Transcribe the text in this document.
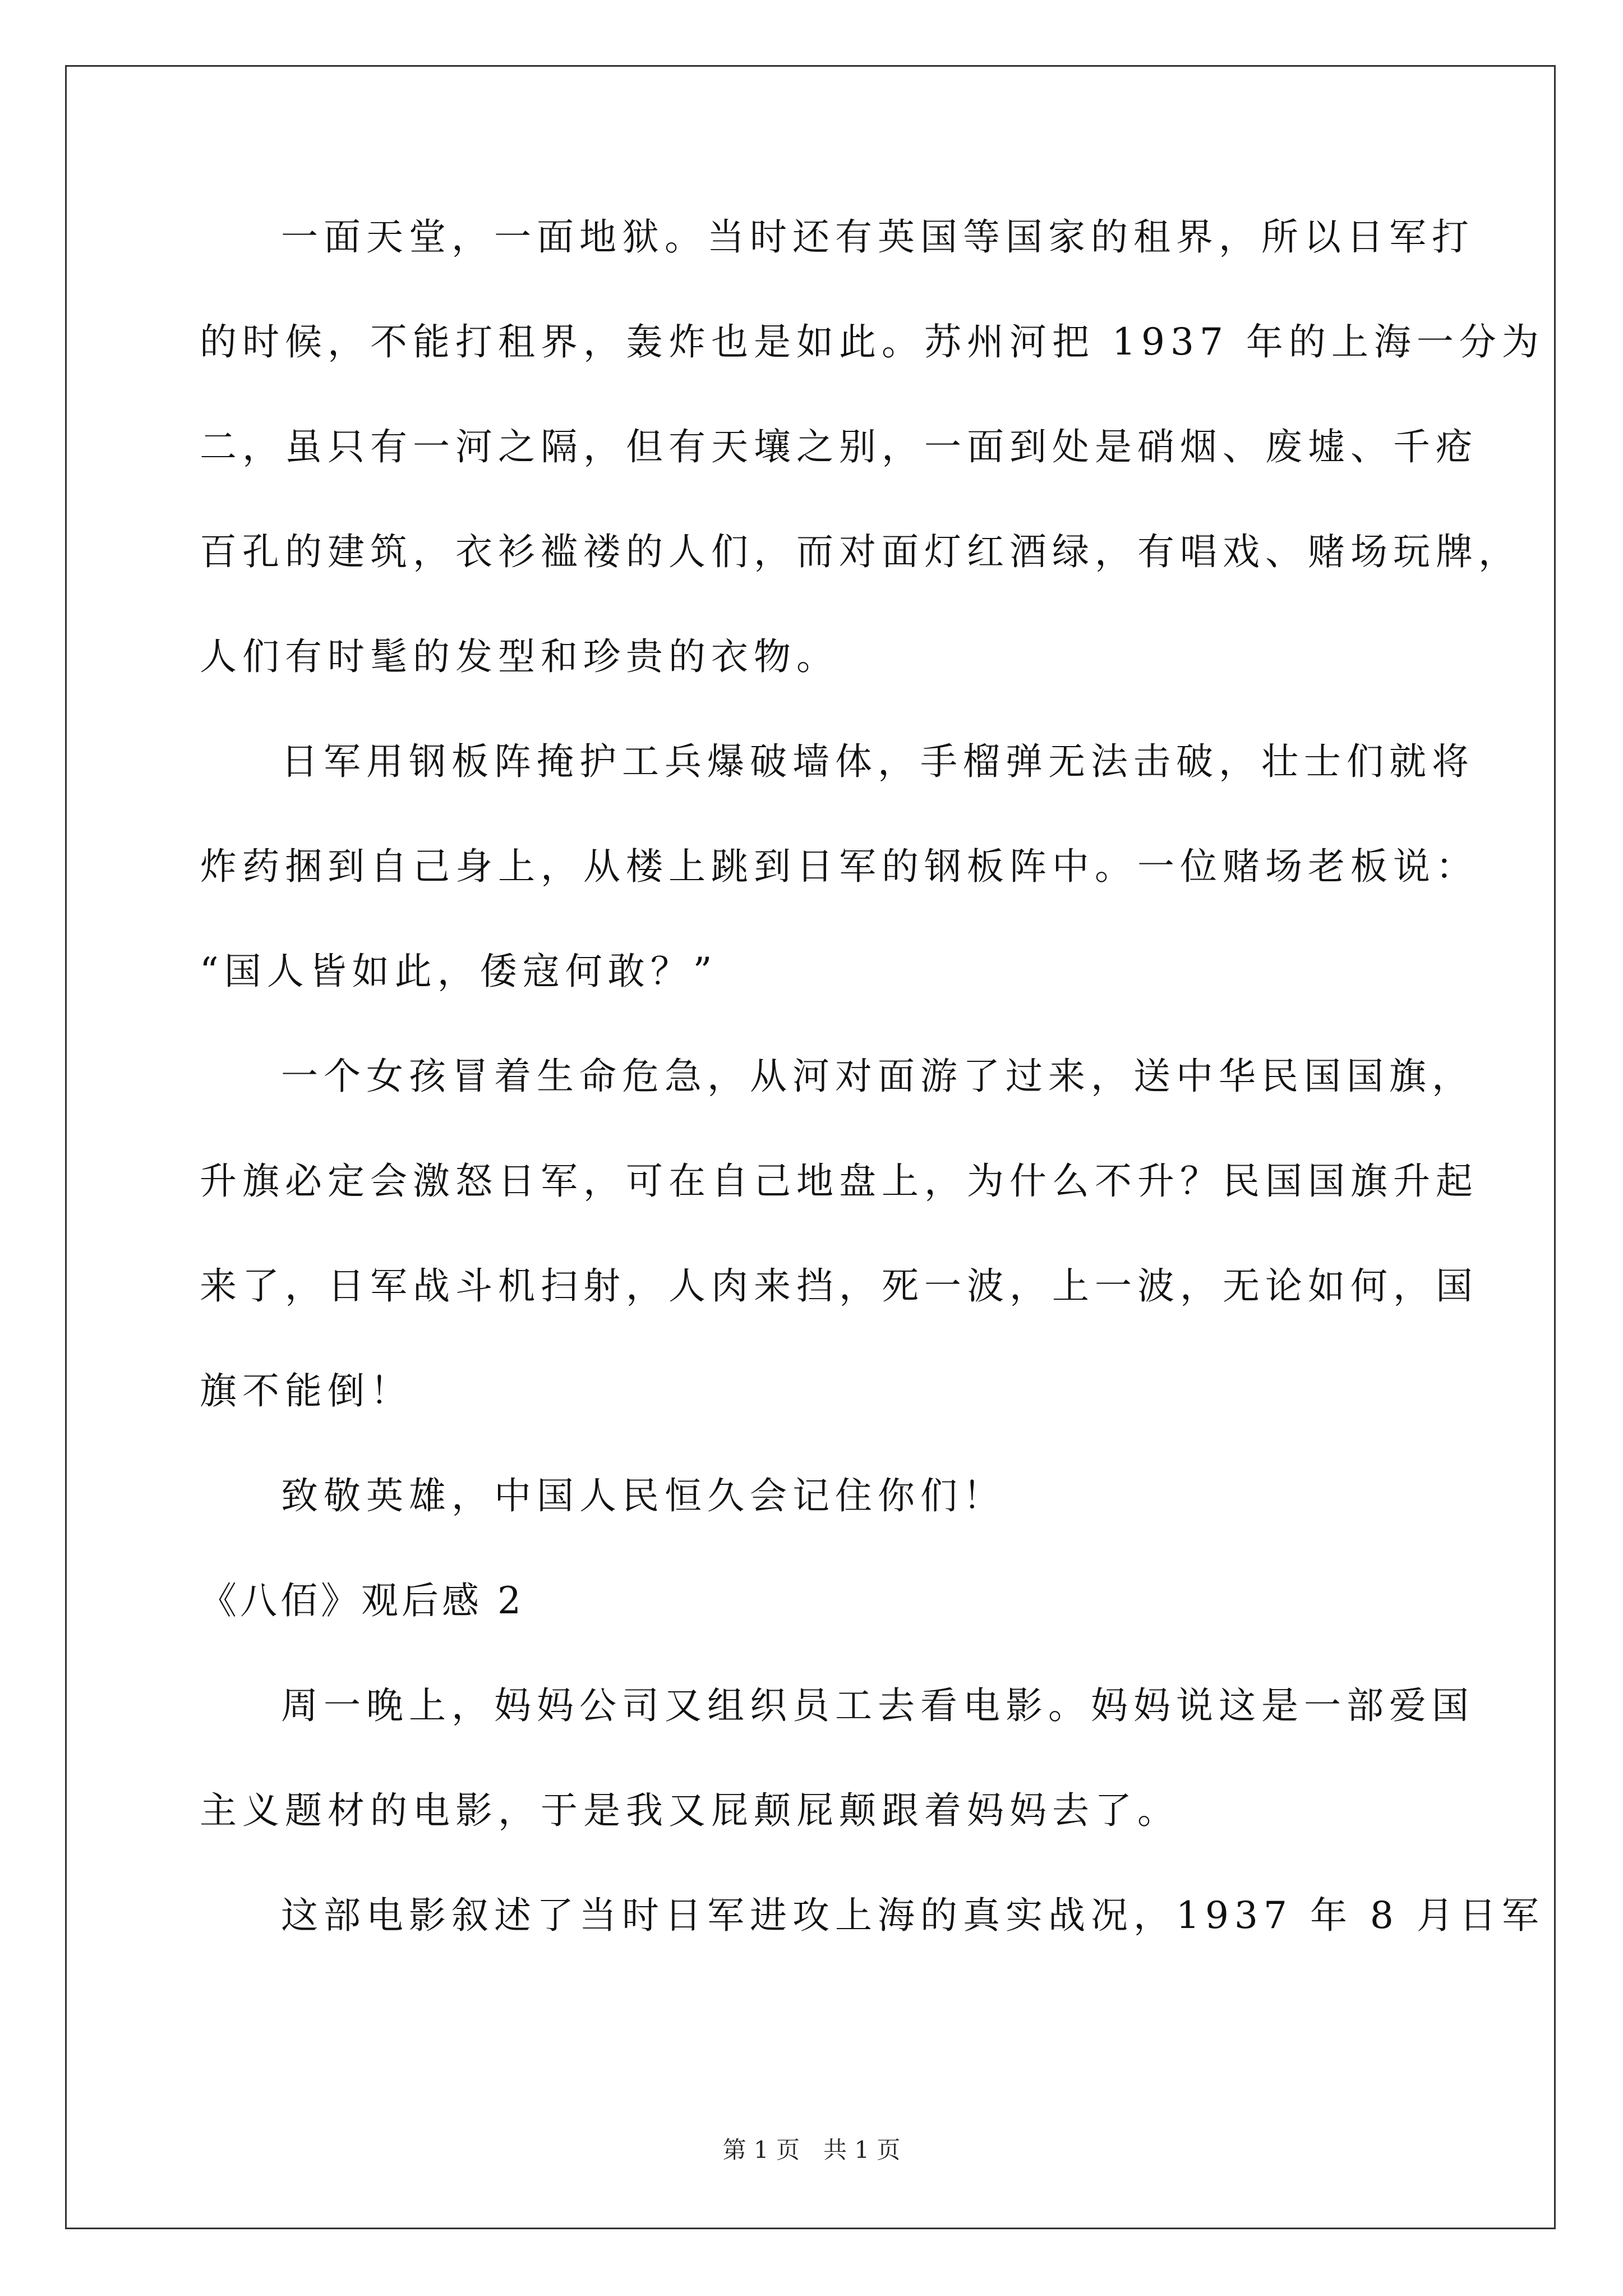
一面天堂，一面地狱。当时还有英国等国家的租界，所以日军打
的时候，不能打租界，轰炸也是如此。苏州河把 1937 年的上海一分为
二，虽只有一河之隔，但有天壤之别，一面到处是硝烟、废墟、千疮
百孔的建筑，衣衫褴褛的人们，而对面灯红酒绿，有唱戏、赌场玩牌，
人们有时髦的发型和珍贵的衣物。
日军用钢板阵掩护工兵爆破墙体，手榴弹无法击破，壮士们就将
炸药捆到自己身上，从楼上跳到日军的钢板阵中。一位赌场老板说：
“国人皆如此，倭寇何敢？”
一个女孩冒着生命危急，从河对面游了过来，送中华民国国旗，
升旗必定会激怒日军，可在自己地盘上，为什么不升？民国国旗升起
来了，日军战斗机扫射，人肉来挡，死一波，上一波，无论如何，国
旗不能倒！
致敬英雄，中国人民恒久会记住你们！
《八佰》观后感 2
周一晚上，妈妈公司又组织员工去看电影。妈妈说这是一部爱国
主义题材的电影，于是我又屁颠屁颠跟着妈妈去了。
这部电影叙述了当时日军进攻上海的真实战况，1937 年 8 月日军
第 1 页　共 1 页
